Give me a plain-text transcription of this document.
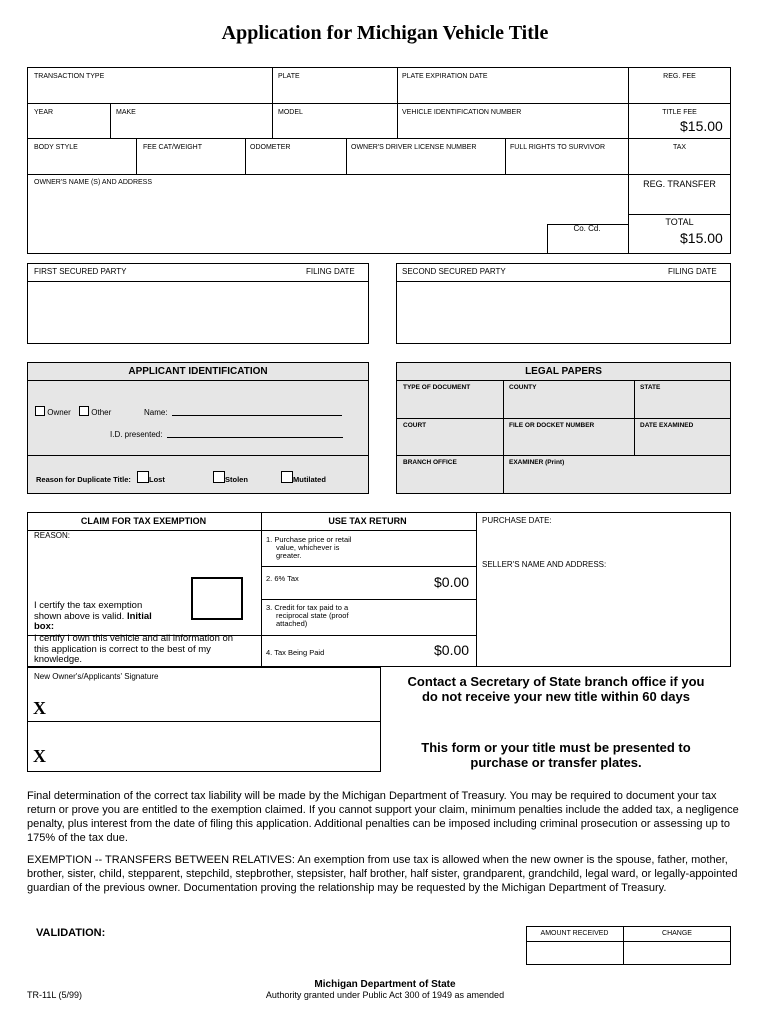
Application for Michigan Vehicle Title
TRANSACTION TYPE	PLATE	PLATE EXPIRATION DATE	REG. FEE
YEAR	MAKE	MODEL	VEHICLE IDENTIFICATION NUMBER	TITLE FEE
$15.00
BODY STYLE	FEE CAT/WEIGHT	ODOMETER	OWNER'S DRIVER LICENSE NUMBER	FULL RIGHTS TO SURVIVOR	TAX
OWNER'S NAME (S) AND ADDRESS	REG. TRANSFER
Co. Cd.
TOTAL
$15.00
FIRST SECURED PARTY	FILING DATE	SECOND SECURED PARTY	FILING DATE
APPLICANT IDENTIFICATION
Owner	Other	Name:
I.D. presented:
Reason for Duplicate Title: Lost	Stolen	Mutilated
LEGAL PAPERS
TYPE OF DOCUMENT	COUNTY	STATE
COURT	FILE OR DOCKET NUMBER	DATE EXAMINED
BRANCH OFFICE	EXAMINER (Print)
CLAIM FOR TAX EXEMPTION	USE TAX RETURN	PURCHASE DATE:
SELLER'S NAME AND ADDRESS:
REASON:
I certify the tax exemption
shown above is valid. Initial
box:
I certify I own this vehicle and all information on
this application is correct to the best of my
knowledge.
1. Purchase price or retail
value, whichever is
greater.
2. 6% Tax	$0.00
3. Credit for tax paid to a
reciprocal state (proof
attached)
4. Tax Being Paid	$0.00
New Owner's/Applicants' Signature
X
X
Contact a Secretary of State branch office if you
do not receive your new title within 60 days
This form or your title must be presented to
purchase or transfer plates.
Final determination of the correct tax liability will be made by the Michigan Department of Treasury. You may be required to document your tax return or prove you are entitled to the exemption claimed. If you cannot support your claim, minimum penalties include the added tax, a negligence penalty, plus interest from the date of filing this application. Additional penalties can be imposed including criminal prosecution or assessing up to 175% of the tax due.
EXEMPTION -- TRANSFERS BETWEEN RELATIVES: An exemption from use tax is allowed when the new owner is the spouse, father, mother, brother, sister, child, stepparent, stepchild, stepbrother, stepsister, half brother, half sister, grandparent, grandchild, legal ward, or legally-appointed guardian of the previous owner. Documentation proving the relationship may be requested by the Michigan Department of Treasury.
VALIDATION:	AMOUNT RECEIVED	CHANGE
Michigan Department of State
Authority granted under Public Act 300 of 1949 as amended
TR-11L (5/99)
